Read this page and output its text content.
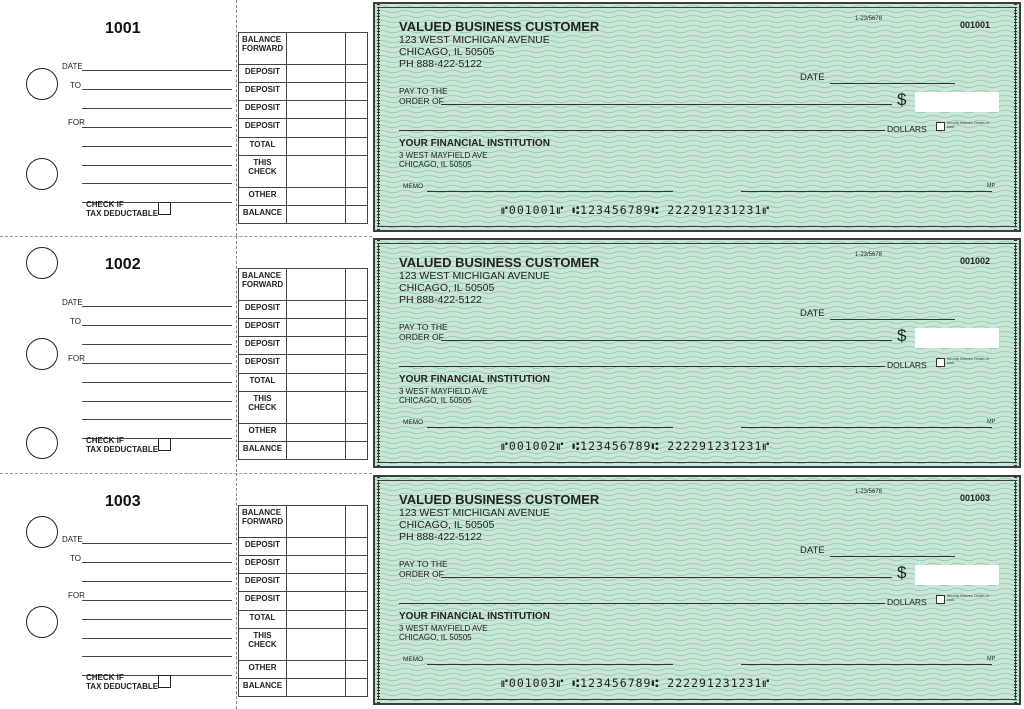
1001
DATE
TO
FOR
CHECK IF
TAX DEDUCTABLE
BALANCE FORWARD		
DEPOSIT		
DEPOSIT		
DEPOSIT		
DEPOSIT		
TOTAL		
THIS CHECK		
OTHER		
BALANCE		
VALUED BUSINESS CUSTOMER
123 WEST MICHIGAN AVENUE
CHICAGO, IL 50505
PH 888-422-5122
1-23/5678
001001
DATE
PAY TO THE
ORDER OF	$
DOLLARS
Security features. Details on back.
YOUR FINANCIAL INSTITUTION
3 WEST MAYFIELD AVE
CHICAGO, IL 50505
MEMO	MP
⑈001001⑈ ⑆123456789⑆ 222291231231⑈
1002
DATE
TO
FOR
CHECK IF
TAX DEDUCTABLE
BALANCE FORWARD		
DEPOSIT		
DEPOSIT		
DEPOSIT		
DEPOSIT		
TOTAL		
THIS CHECK		
OTHER		
BALANCE		
VALUED BUSINESS CUSTOMER
123 WEST MICHIGAN AVENUE
CHICAGO, IL 50505
PH 888-422-5122
1-23/5678
001002
DATE
PAY TO THE
ORDER OF	$
DOLLARS
Security features. Details on back.
YOUR FINANCIAL INSTITUTION
3 WEST MAYFIELD AVE
CHICAGO, IL 50505
MEMO	MP
⑈001002⑈ ⑆123456789⑆ 222291231231⑈
1003
DATE
TO
FOR
CHECK IF
TAX DEDUCTABLE
BALANCE FORWARD		
DEPOSIT		
DEPOSIT		
DEPOSIT		
DEPOSIT		
TOTAL		
THIS CHECK		
OTHER		
BALANCE		
VALUED BUSINESS CUSTOMER
123 WEST MICHIGAN AVENUE
CHICAGO, IL 50505
PH 888-422-5122
1-23/5678
001003
DATE
PAY TO THE
ORDER OF	$
DOLLARS
Security features. Details on back.
YOUR FINANCIAL INSTITUTION
3 WEST MAYFIELD AVE
CHICAGO, IL 50505
MEMO	MP
⑈001003⑈ ⑆123456789⑆ 222291231231⑈
